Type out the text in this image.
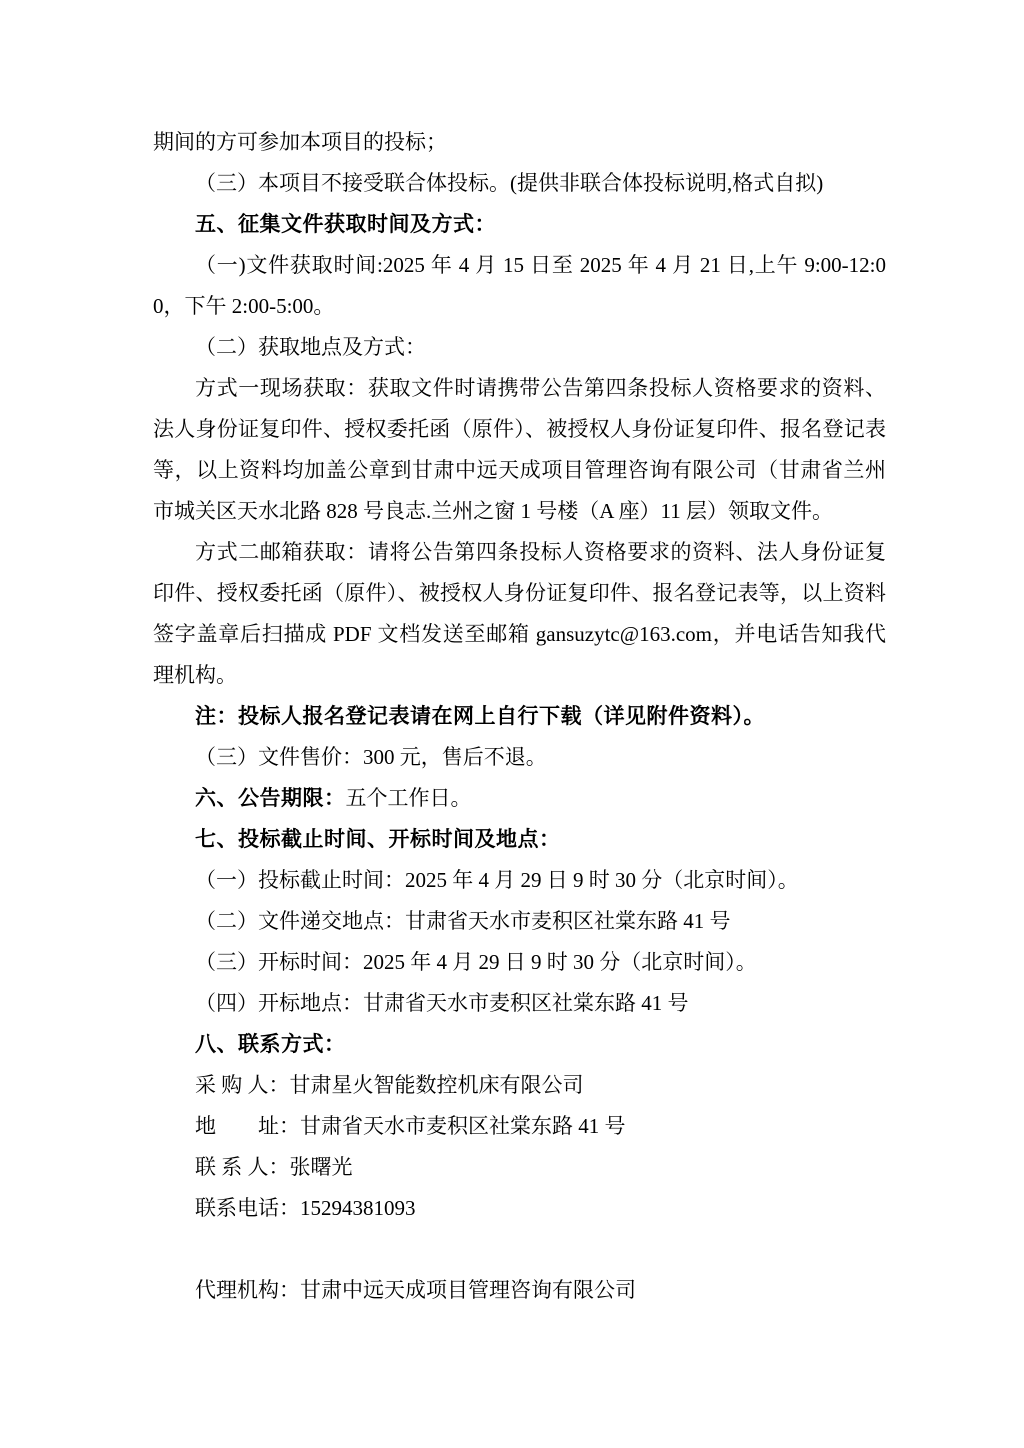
期间的方可参加本项目的投标；

（三）本项目不接受联合体投标。(提供非联合体投标说明,格式自拟)

五、征集文件获取时间及方式：

（一)文件获取时间:2025 年 4 月 15 日至 2025 年 4 月 21 日,上午 9:00-12:00，下午 2:00-5:00。

（二）获取地点及方式：

方式一现场获取：获取文件时请携带公告第四条投标人资格要求的资料、法人身份证复印件、授权委托函（原件）、被授权人身份证复印件、报名登记表等，以上资料均加盖公章到甘肃中远天成项目管理咨询有限公司（甘肃省兰州市城关区天水北路 828 号良志.兰州之窗 1 号楼（A 座）11 层）领取文件。

方式二邮箱获取：请将公告第四条投标人资格要求的资料、法人身份证复印件、授权委托函（原件）、被授权人身份证复印件、报名登记表等，以上资料签字盖章后扫描成 PDF 文档发送至邮箱 gansuzytc@163.com，并电话告知我代理机构。

注：投标人报名登记表请在网上自行下载（详见附件资料）。

（三）文件售价：300 元，售后不退。

六、公告期限：五个工作日。

七、投标截止时间、开标时间及地点：

（一）投标截止时间：2025 年 4 月 29 日 9 时 30 分（北京时间）。

（二）文件递交地点：甘肃省天水市麦积区社棠东路 41 号

（三）开标时间：2025 年 4 月 29 日 9 时 30 分（北京时间）。

（四）开标地点：甘肃省天水市麦积区社棠东路 41 号

八、联系方式：

采 购 人：甘肃星火智能数控机床有限公司

地　　址：甘肃省天水市麦积区社棠东路 41 号

联 系 人：张曙光

联系电话：15294381093

代理机构：甘肃中远天成项目管理咨询有限公司
